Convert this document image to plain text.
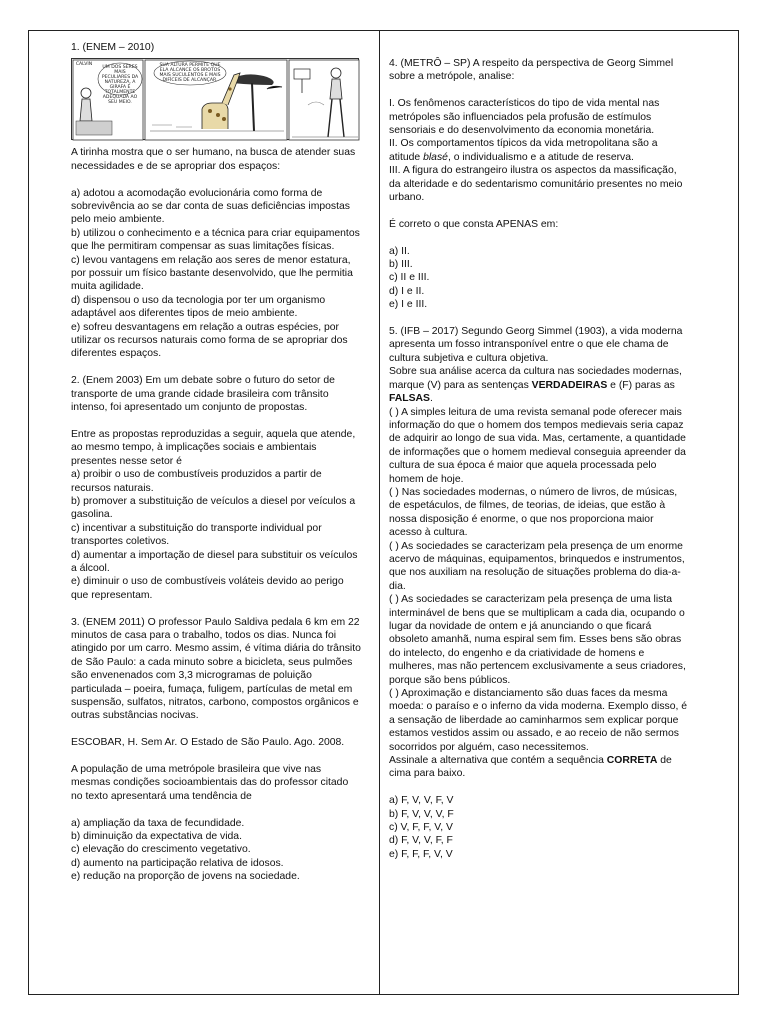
1. (ENEM – 2010)

CALVIN
UM DOS SERES MAIS PECULIARES DA NATUREZA, A GIRAFA É TOTALMENTE ADEQUADA AO SEU MEIO.
SUA ALTURA PERMITE QUE ELA ALCANCE OS BROTOS MAIS SUCULENTOS E MAIS DIFÍCEIS DE ALCANÇAR.

A tirinha mostra que o ser humano, na busca de atender suas necessidades e de se apropriar dos espaços:

a) adotou a acomodação evolucionária como forma de sobrevivência ao se dar conta de suas deficiências impostas pelo meio ambiente.

b) utilizou o conhecimento e a técnica para criar equipamentos que lhe permitiram compensar as suas limitações físicas.

c) levou vantagens em relação aos seres de menor estatura, por possuir um físico bastante desenvolvido, que lhe permitia muita agilidade.

d) dispensou o uso da tecnologia por ter um organismo adaptável aos diferentes tipos de meio ambiente.

e) sofreu desvantagens em relação a outras espécies, por utilizar os recursos naturais como forma de se apropriar dos diferentes espaços.

2. (Enem 2003) Em um debate sobre o futuro do setor de transporte de uma grande cidade brasileira com trânsito intenso, foi apresentado um conjunto de propostas.

Entre as propostas reproduzidas a seguir, aquela que atende, ao mesmo tempo, à implicações sociais e ambientais presentes nesse setor é

a) proibir o uso de combustíveis produzidos a partir de recursos naturais.

b) promover a substituição de veículos a diesel por veículos a gasolina.

c) incentivar a substituição do transporte individual por transportes coletivos.

d) aumentar a importação de diesel para substituir os veículos a álcool.

e) diminuir o uso de combustíveis voláteis devido ao perigo que representam.

3. (ENEM 2011) O professor Paulo Saldiva pedala 6 km em 22 minutos de casa para o trabalho, todos os dias. Nunca foi atingido por um carro. Mesmo assim, é vítima diária do trânsito de São Paulo: a cada minuto sobre a bicicleta, seus pulmões são envenenados com 3,3 microgramas de poluição particulada – poeira, fumaça, fuligem, partículas de metal em suspensão, sulfatos, nitratos, carbono, compostos orgânicos e outras substâncias nocivas.

ESCOBAR, H. Sem Ar. O Estado de São Paulo. Ago. 2008.

A população de uma metrópole brasileira que vive nas mesmas condições socioambientais das do professor citado no texto apresentará uma tendência de

a) ampliação da taxa de fecundidade.

b) diminuição da expectativa de vida.

c) elevação do crescimento vegetativo.

d) aumento na participação relativa de idosos.

e) redução na proporção de jovens na sociedade.

4. (METRÔ – SP) A respeito da perspectiva de Georg Simmel sobre a metrópole, analise:

I. Os fenômenos característicos do tipo de vida mental nas metrópoles são influenciados pela profusão de estímulos sensoriais e do desenvolvimento da economia monetária.

II. Os comportamentos típicos da vida metropolitana são a atitude blasé, o individualismo e a atitude de reserva.

III. A figura do estrangeiro ilustra os aspectos da massificação, da alteridade e do sedentarismo comunitário presentes no meio urbano.

É correto o que consta APENAS em:

a) II.

b) III.

c) II e III.

d) I e II.

e) I e III.

5. (IFB – 2017) Segundo Georg Simmel (1903), a vida moderna apresenta um fosso intransponível entre o que ele chama de cultura subjetiva e cultura objetiva.

Sobre sua análise acerca da cultura nas sociedades modernas, marque (V) para as sentenças VERDADEIRAS e (F) paras as FALSAS.

( ) A simples leitura de uma revista semanal pode oferecer mais informação do que o homem dos tempos medievais seria capaz de adquirir ao longo de sua vida. Mas, certamente, a quantidade de informações que o homem medieval conseguia apreender da cultura de sua época é maior que aquela processada pelo homem de hoje.

( ) Nas sociedades modernas, o número de livros, de músicas, de espetáculos, de filmes, de teorias, de ideias, que estão à nossa disposição é enorme, o que nos proporciona maior acesso à cultura.

( ) As sociedades se caracterizam pela presença de um enorme acervo de máquinas, equipamentos, brinquedos e instrumentos, que nos auxiliam na resolução de situações problema do dia-a-dia.

( ) As sociedades se caracterizam pela presença de uma lista interminável de bens que se multiplicam a cada dia, ocupando o lugar da novidade de ontem e já anunciando o que ficará obsoleto amanhã, numa espiral sem fim. Esses bens são obras do intelecto, do engenho e da criatividade de homens e mulheres, mas não pertencem exclusivamente a seus criadores, porque são bens públicos.

( ) Aproximação e distanciamento são duas faces da mesma moeda: o paraíso e o inferno da vida moderna. Exemplo disso, é a sensação de liberdade ao caminharmos sem explicar porque estamos vestidos assim ou assado, e ao receio de não sermos socorridos por alguém, caso necessitemos.

Assinale a alternativa que contém a sequência CORRETA de cima para baixo.

a) F, V, V, F, V

b) F, V, V, V, F

c) V, F, F, V, V

d) F, V, V, F, F

e) F, F, F, V, V
